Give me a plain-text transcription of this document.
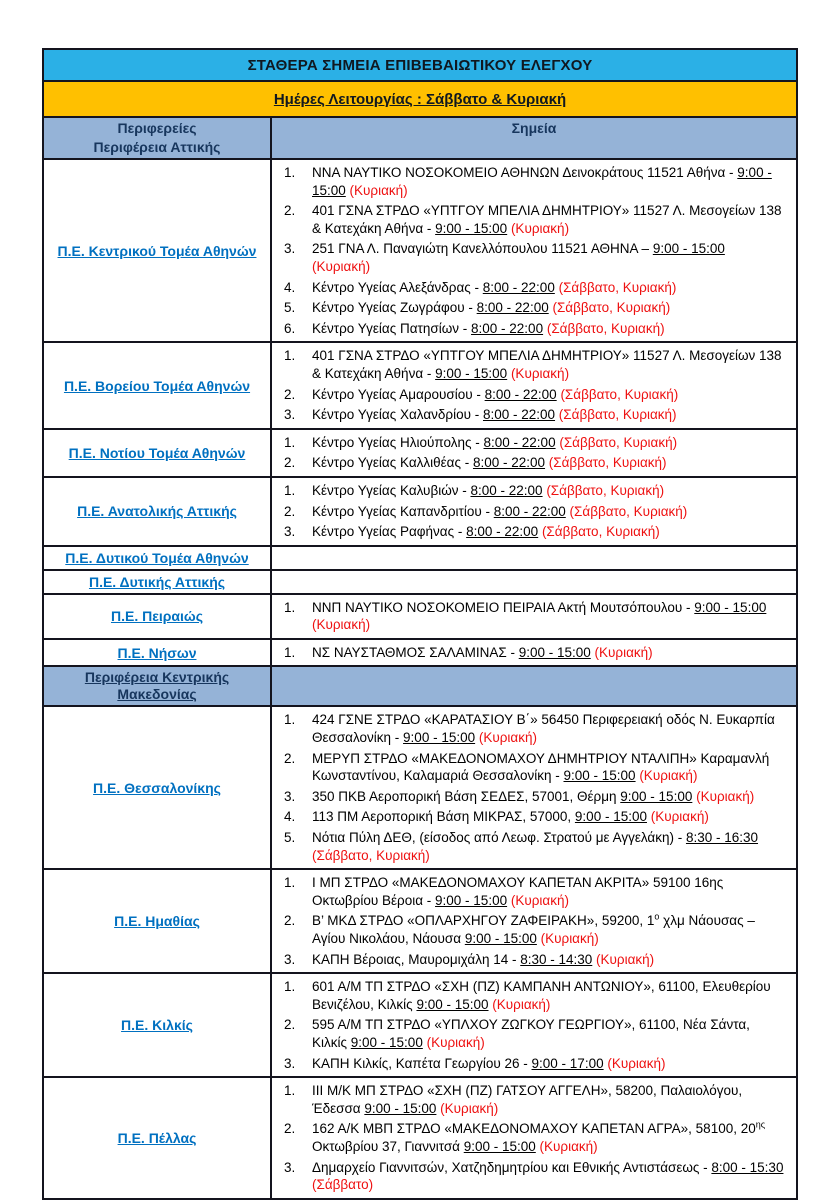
ΣΤΑΘΕΡΑ ΣΗΜΕΙΑ ΕΠΙΒΕΒΑΙΩΤΙΚΟΥ ΕΛΕΓΧΟΥ
Ημέρες Λειτουργίας : Σάββατο & Κυριακή
Περιφερείες	Σημεία
Περιφέρεια Αττικής
Π.Ε. Κεντρικού Τομέα Αθηνών
1.	ΝΝΑ ΝΑΥΤΙΚΟ ΝΟΣΟΚΟΜΕΙΟ ΑΘΗΝΩΝ Δεινοκράτους 11521 Αθήνα - 9:00 - 15:00 (Κυριακή)
2.	401 ΓΣΝΑ ΣΤΡΔΟ «ΥΠΤΓΟΥ ΜΠΕΛΙΑ ΔΗΜΗΤΡΙΟΥ» 11527 Λ. Μεσογείων 138 & Κατεχάκη Αθήνα - 9:00 - 15:00 (Κυριακή)
3.	251 ΓΝΑ Λ. Παναγιώτη Κανελλόπουλου 11521 ΑΘΗΝΑ – 9:00 - 15:00 (Κυριακή)
4.	Κέντρο Υγείας Αλεξάνδρας - 8:00 - 22:00 (Σάββατο, Κυριακή)
5.	Κέντρο Υγείας Ζωγράφου - 8:00 - 22:00 (Σάββατο, Κυριακή)
6.	Κέντρο Υγείας Πατησίων - 8:00 - 22:00 (Σάββατο, Κυριακή)
Π.Ε. Βορείου Τομέα Αθηνών
1.	401 ΓΣΝΑ ΣΤΡΔΟ «ΥΠΤΓΟΥ ΜΠΕΛΙΑ ΔΗΜΗΤΡΙΟΥ» 11527 Λ. Μεσογείων 138 & Κατεχάκη Αθήνα - 9:00 - 15:00 (Κυριακή)
2.	Κέντρο Υγείας Αμαρουσίου - 8:00 - 22:00 (Σάββατο, Κυριακή)
3.	Κέντρο Υγείας Χαλανδρίου - 8:00 - 22:00 (Σάββατο, Κυριακή)
Π.Ε. Νοτίου Τομέα Αθηνών
1.	Κέντρο Υγείας Ηλιούπολης - 8:00 - 22:00 (Σάββατο, Κυριακή)
2.	Κέντρο Υγείας Καλλιθέας - 8:00 - 22:00 (Σάββατο, Κυριακή)
Π.Ε. Ανατολικής Αττικής
1.	Κέντρο Υγείας Καλυβιών - 8:00 - 22:00 (Σάββατο, Κυριακή)
2.	Κέντρο Υγείας Καπανδριτίου - 8:00 - 22:00 (Σάββατο, Κυριακή)
3.	Κέντρο Υγείας Ραφήνας - 8:00 - 22:00 (Σάββατο, Κυριακή)
Π.Ε. Δυτικού Τομέα Αθηνών
Π.Ε. Δυτικής Αττικής
Π.Ε. Πειραιώς
1.	ΝΝΠ ΝΑΥΤΙΚΟ ΝΟΣΟΚΟΜΕΙΟ ΠΕΙΡΑΙΑ Ακτή Μουτσόπουλου - 9:00 - 15:00 (Κυριακή)
Π.Ε. Νήσων	1.	ΝΣ ΝΑΥΣΤΑΘΜΟΣ ΣΑΛΑΜΙΝΑΣ - 9:00 - 15:00 (Κυριακή)
Περιφέρεια Κεντρικής Μακεδονίας
Π.Ε. Θεσσαλονίκης
1.	424 ΓΣΝΕ ΣΤΡΔΟ «ΚΑΡΑΤΑΣΙΟΥ Β΄» 56450 Περιφερειακή οδός Ν. Ευκαρπία Θεσσαλονίκη - 9:00 - 15:00 (Κυριακή)
2.	ΜΕΡΥΠ ΣΤΡΔΟ «ΜΑΚΕΔΟΝΟΜΑΧΟΥ ΔΗΜΗΤΡΙΟΥ ΝΤΑΛΙΠΗ» Καραμανλή Κωνσταντίνου, Καλαμαριά Θεσσαλονίκη - 9:00 - 15:00 (Κυριακή)
3.	350 ΠΚΒ Αεροπορική Βάση ΣΕΔΕΣ, 57001, Θέρμη 9:00 - 15:00 (Κυριακή)
4.	113 ΠΜ Αεροπορική Βάση ΜΙΚΡΑΣ, 57000, 9:00 - 15:00 (Κυριακή)
5.	Νότια Πύλη ΔΕΘ, (είσοδος από Λεωφ. Στρατού με Αγγελάκη) - 8:30 - 16:30 (Σάββατο, Κυριακή)
Π.Ε. Ημαθίας
1.	Ι ΜΠ ΣΤΡΔΟ «ΜΑΚΕΔΟΝΟΜΑΧΟΥ ΚΑΠΕΤΑΝ ΑΚΡΙΤΑ» 59100 16ης Οκτωβρίου Βέροια - 9:00 - 15:00 (Κυριακή)
2.	Β’ ΜΚΔ ΣΤΡΔΟ «ΟΠΛΑΡΧΗΓΟΥ ΖΑΦΕΙΡΑΚΗ», 59200, $1^o$ χλμ Νάουσας – Αγίου Νικολάου, Νάουσα 9:00 - 15:00 (Κυριακή)
3.	ΚΑΠΗ Βέροιας, Μαυρομιχάλη 14 - 8:30 - 14:30 (Κυριακή)
Π.Ε. Κιλκίς
1.	601 Α/Μ ΤΠ ΣΤΡΔΟ «ΣΧΗ (ΠΖ) ΚΑΜΠΑΝΗ ΑΝΤΩΝΙΟΥ», 61100, Ελευθερίου Βενιζέλου, Κιλκίς 9:00 - 15:00 (Κυριακή)
2.	595 Α/Μ ΤΠ ΣΤΡΔΟ «ΥΠΛΧΟΥ ΖΩΓΚΟΥ ΓΕΩΡΓΙΟΥ», 61100, Νέα Σάντα, Κιλκίς 9:00 - 15:00 (Κυριακή)
3.	ΚΑΠΗ Κιλκίς, Καπέτα Γεωργίου 26 - 9:00 - 17:00 (Κυριακή)
Π.Ε. Πέλλας
1.	ΙΙΙ Μ/Κ ΜΠ ΣΤΡΔΟ «ΣΧΗ (ΠΖ) ΓΑΤΣΟΥ ΑΓΓΕΛΗ», 58200, Παλαιολόγου, Έδεσσα 9:00 - 15:00 (Κυριακή)
2.	162 Α/Κ ΜΒΠ ΣΤΡΔΟ «ΜΑΚΕΔΟΝΟΜΑΧΟΥ ΚΑΠΕΤΑΝ ΑΓΡΑ», 58100, $20^{\eta\varsigma}$ Οκτωβρίου 37, Γιαννιτσά 9:00 - 15:00 (Κυριακή)
3.	Δημαρχείο Γιαννιτσών, Χατζηδημητρίου και Εθνικής Αντιστάσεως - 8:00 - 15:30 (Σάββατο)
